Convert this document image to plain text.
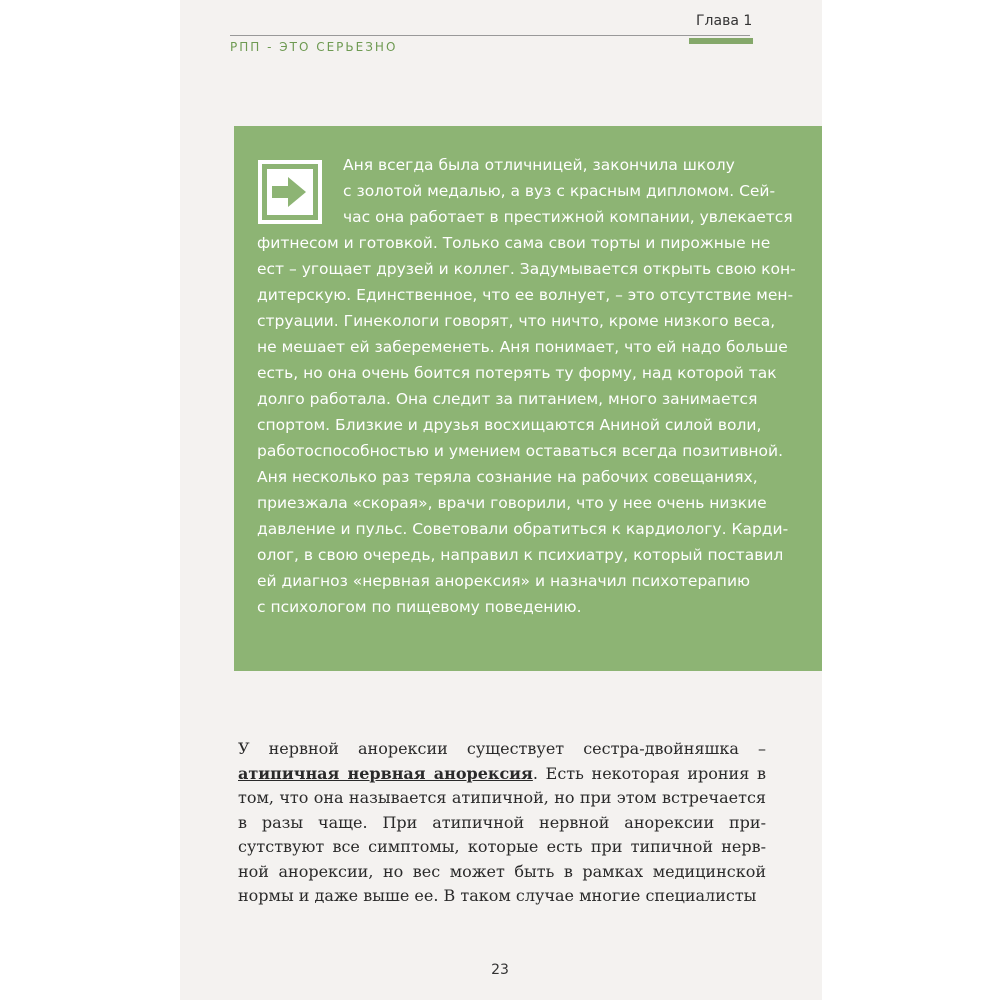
Глава 1
РПП - ЭТО СЕРЬЕЗНО

Аня всегда была отличницей, закончила школу
с золотой медалью, а вуз с красным дипломом. Сей-
час она работает в престижной компании, увлекается
фитнесом и готовкой. Только сама свои торты и пирожные не
ест – угощает друзей и коллег. Задумывается открыть свою кон-
дитерскую. Единственное, что ее волнует, – это отсутствие мен-
струации. Гинекологи говорят, что ничто, кроме низкого веса,
не мешает ей забеременеть. Аня понимает, что ей надо больше
есть, но она очень боится потерять ту форму, над которой так
долго работала. Она следит за питанием, много занимается
спортом. Близкие и друзья восхищаются Аниной силой воли,
работоспособностью и умением оставаться всегда позитивной.
Аня несколько раз теряла сознание на рабочих совещаниях,
приезжала «скорая», врачи говорили, что у нее очень низкие
давление и пульс. Советовали обратиться к кардиологу. Карди-
олог, в свою очередь, направил к психиатру, который поставил
ей диагноз «нервная анорексия» и назначил психотерапию
с психологом по пищевому поведению.

У нервной анорексии существует сестра-двойняшка – атипичная нервная анорексия. Есть некоторая ирония в том, что она называется атипичной, но при этом встречается в разы чаще. При атипичной нервной анорексии присутствуют все симптомы, которые есть при типичной нервной анорексии, но вес может быть в рамках медицинской нормы и даже выше ее. В таком случае многие специалисты

23
